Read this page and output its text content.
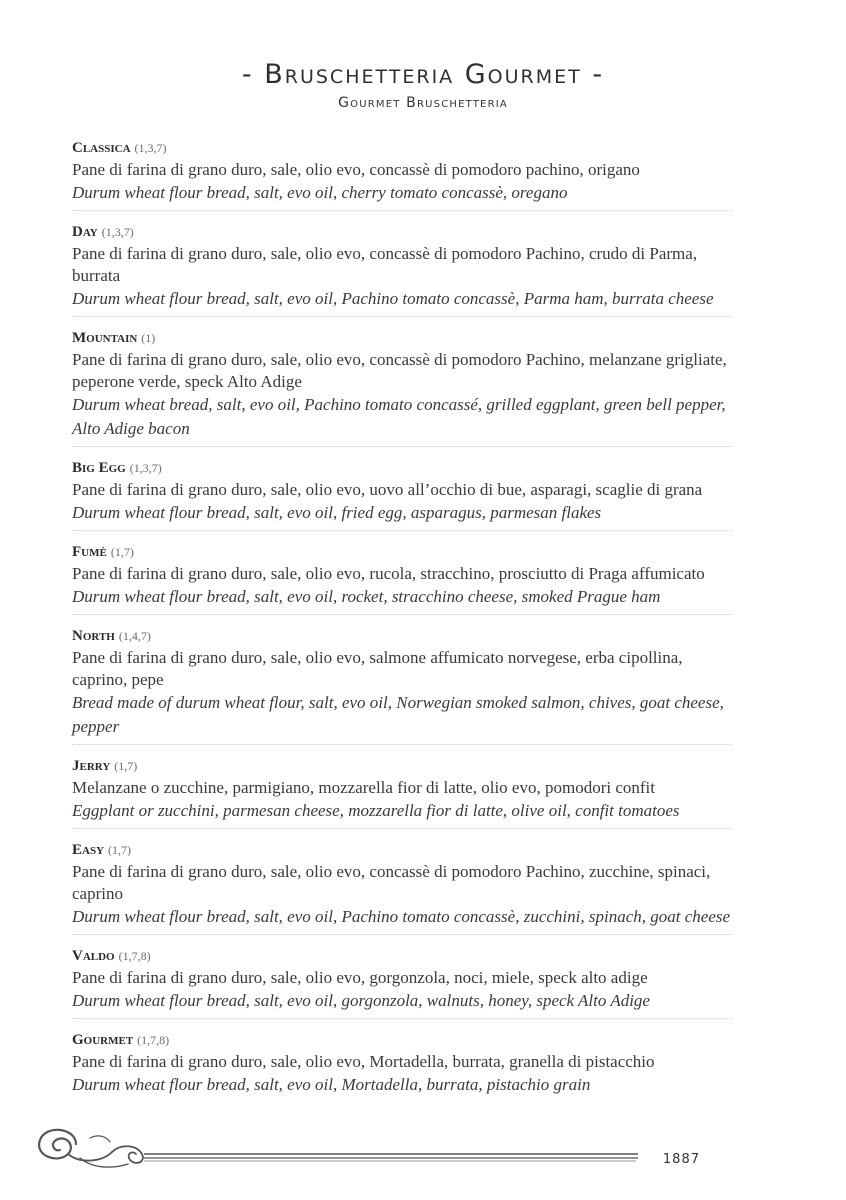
- Bruschetteria Gourmet -
Gourmet Bruschetteria
Classica (1,3,7)
Pane di farina di grano duro, sale, olio evo, concassè di pomodoro pachino, origano
Durum wheat flour bread, salt, evo oil, cherry tomato concassè, oregano
Day (1,3,7)
Pane di farina di grano duro, sale, olio evo, concassè di pomodoro Pachino, crudo di Parma, burrata
Durum wheat flour bread, salt, evo oil, Pachino tomato concassè, Parma ham, burrata cheese
Mountain (1)
Pane di farina di grano duro, sale, olio evo, concassè di pomodoro Pachino, melanzane grigliate, peperone verde, speck Alto Adige
Durum wheat bread, salt, evo oil, Pachino tomato concassé, grilled eggplant, green bell pepper, Alto Adige bacon
Big Egg (1,3,7)
Pane di farina di grano duro, sale, olio evo, uovo all’occhio di bue, asparagi, scaglie di grana
Durum wheat flour bread, salt, evo oil, fried egg, asparagus, parmesan flakes
Fumè (1,7)
Pane di farina di grano duro, sale, olio evo, rucola, stracchino, prosciutto di Praga affumicato
Durum wheat flour bread, salt, evo oil, rocket, stracchino cheese, smoked Prague ham
North (1,4,7)
Pane di farina di grano duro, sale, olio evo, salmone affumicato norvegese, erba cipollina, caprino, pepe
Bread made of durum wheat flour, salt, evo oil, Norwegian smoked salmon, chives, goat cheese, pepper
Jerry (1,7)
Melanzane o zucchine, parmigiano, mozzarella fior di latte, olio evo, pomodori confit
Eggplant or zucchini, parmesan cheese, mozzarella fior di latte, olive oil, confit tomatoes
Easy (1,7)
Pane di farina di grano duro, sale, olio evo, concassè di pomodoro Pachino, zucchine, spinaci, caprino
Durum wheat flour bread, salt, evo oil, Pachino tomato concassè, zucchini, spinach, goat cheese
Valdo (1,7,8)
Pane di farina di grano duro, sale, olio evo, gorgonzola, noci, miele, speck alto adige
Durum wheat flour bread, salt, evo oil, gorgonzola, walnuts, honey, speck Alto Adige
Gourmet (1,7,8)
Pane di farina di grano duro, sale, olio evo, Mortadella, burrata, granella di pistacchio
Durum wheat flour bread, salt, evo oil, Mortadella, burrata, pistachio grain
1887
